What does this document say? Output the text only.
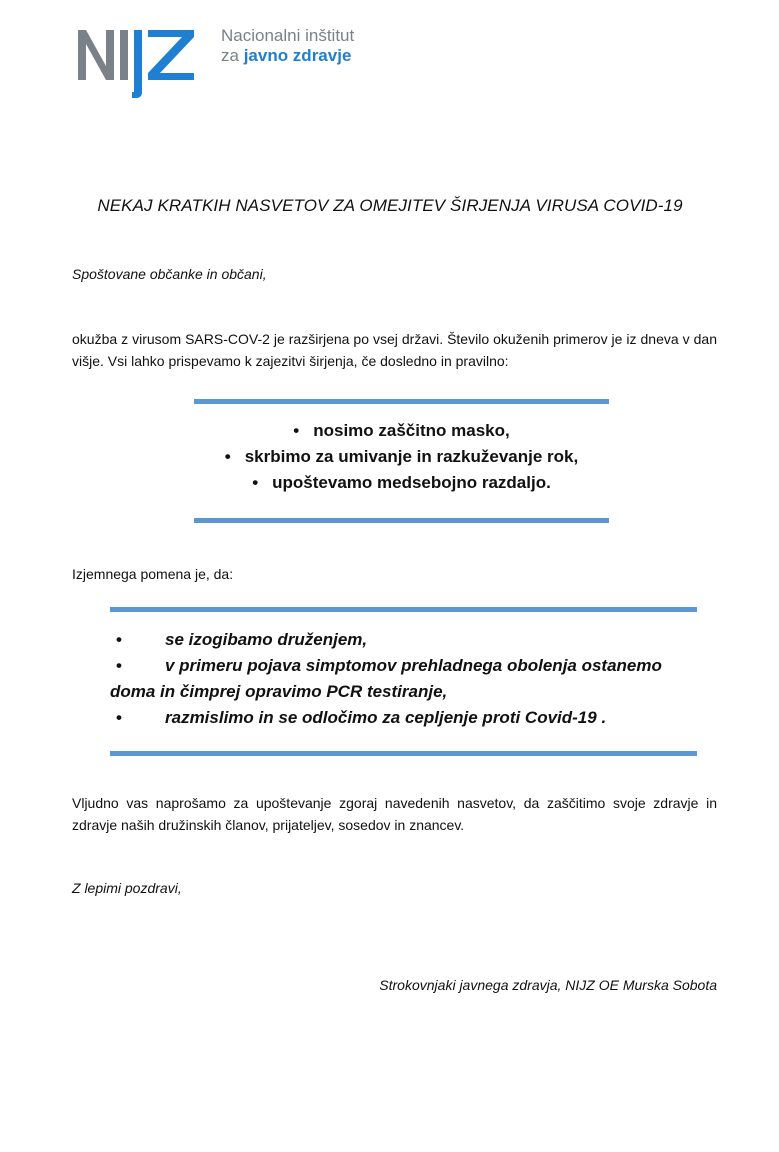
Nacionalni inštitut
za javno zdravje
NEKAJ KRATKIH NASVETOV ZA OMEJITEV ŠIRJENJA VIRUSA COVID-19
Spoštovane občanke in občani,
okužba z virusom SARS-COV-2 je razširjena po vsej državi. Število okuženih primerov je iz dneva v dan višje. Vsi lahko prispevamo k zajezitvi širjenja, če dosledno in pravilno:
• nosimo zaščitno masko,
• skrbimo za umivanje in razkuževanje rok,
• upoštevamo medsebojno razdaljo.
Izjemnega pomena je, da:
•	se izogibamo druženjem,
•	v primeru pojava simptomov prehladnega obolenja ostanemo doma in čimprej opravimo PCR testiranje,
•	razmislimo in se odločimo za cepljenje proti Covid-19 .
Vljudno vas naprošamo za upoštevanje zgoraj navedenih nasvetov, da zaščitimo svoje zdravje in zdravje naših družinskih članov, prijateljev, sosedov in znancev.
Z lepimi pozdravi,
Strokovnjaki javnega zdravja, NIJZ OE Murska Sobota
